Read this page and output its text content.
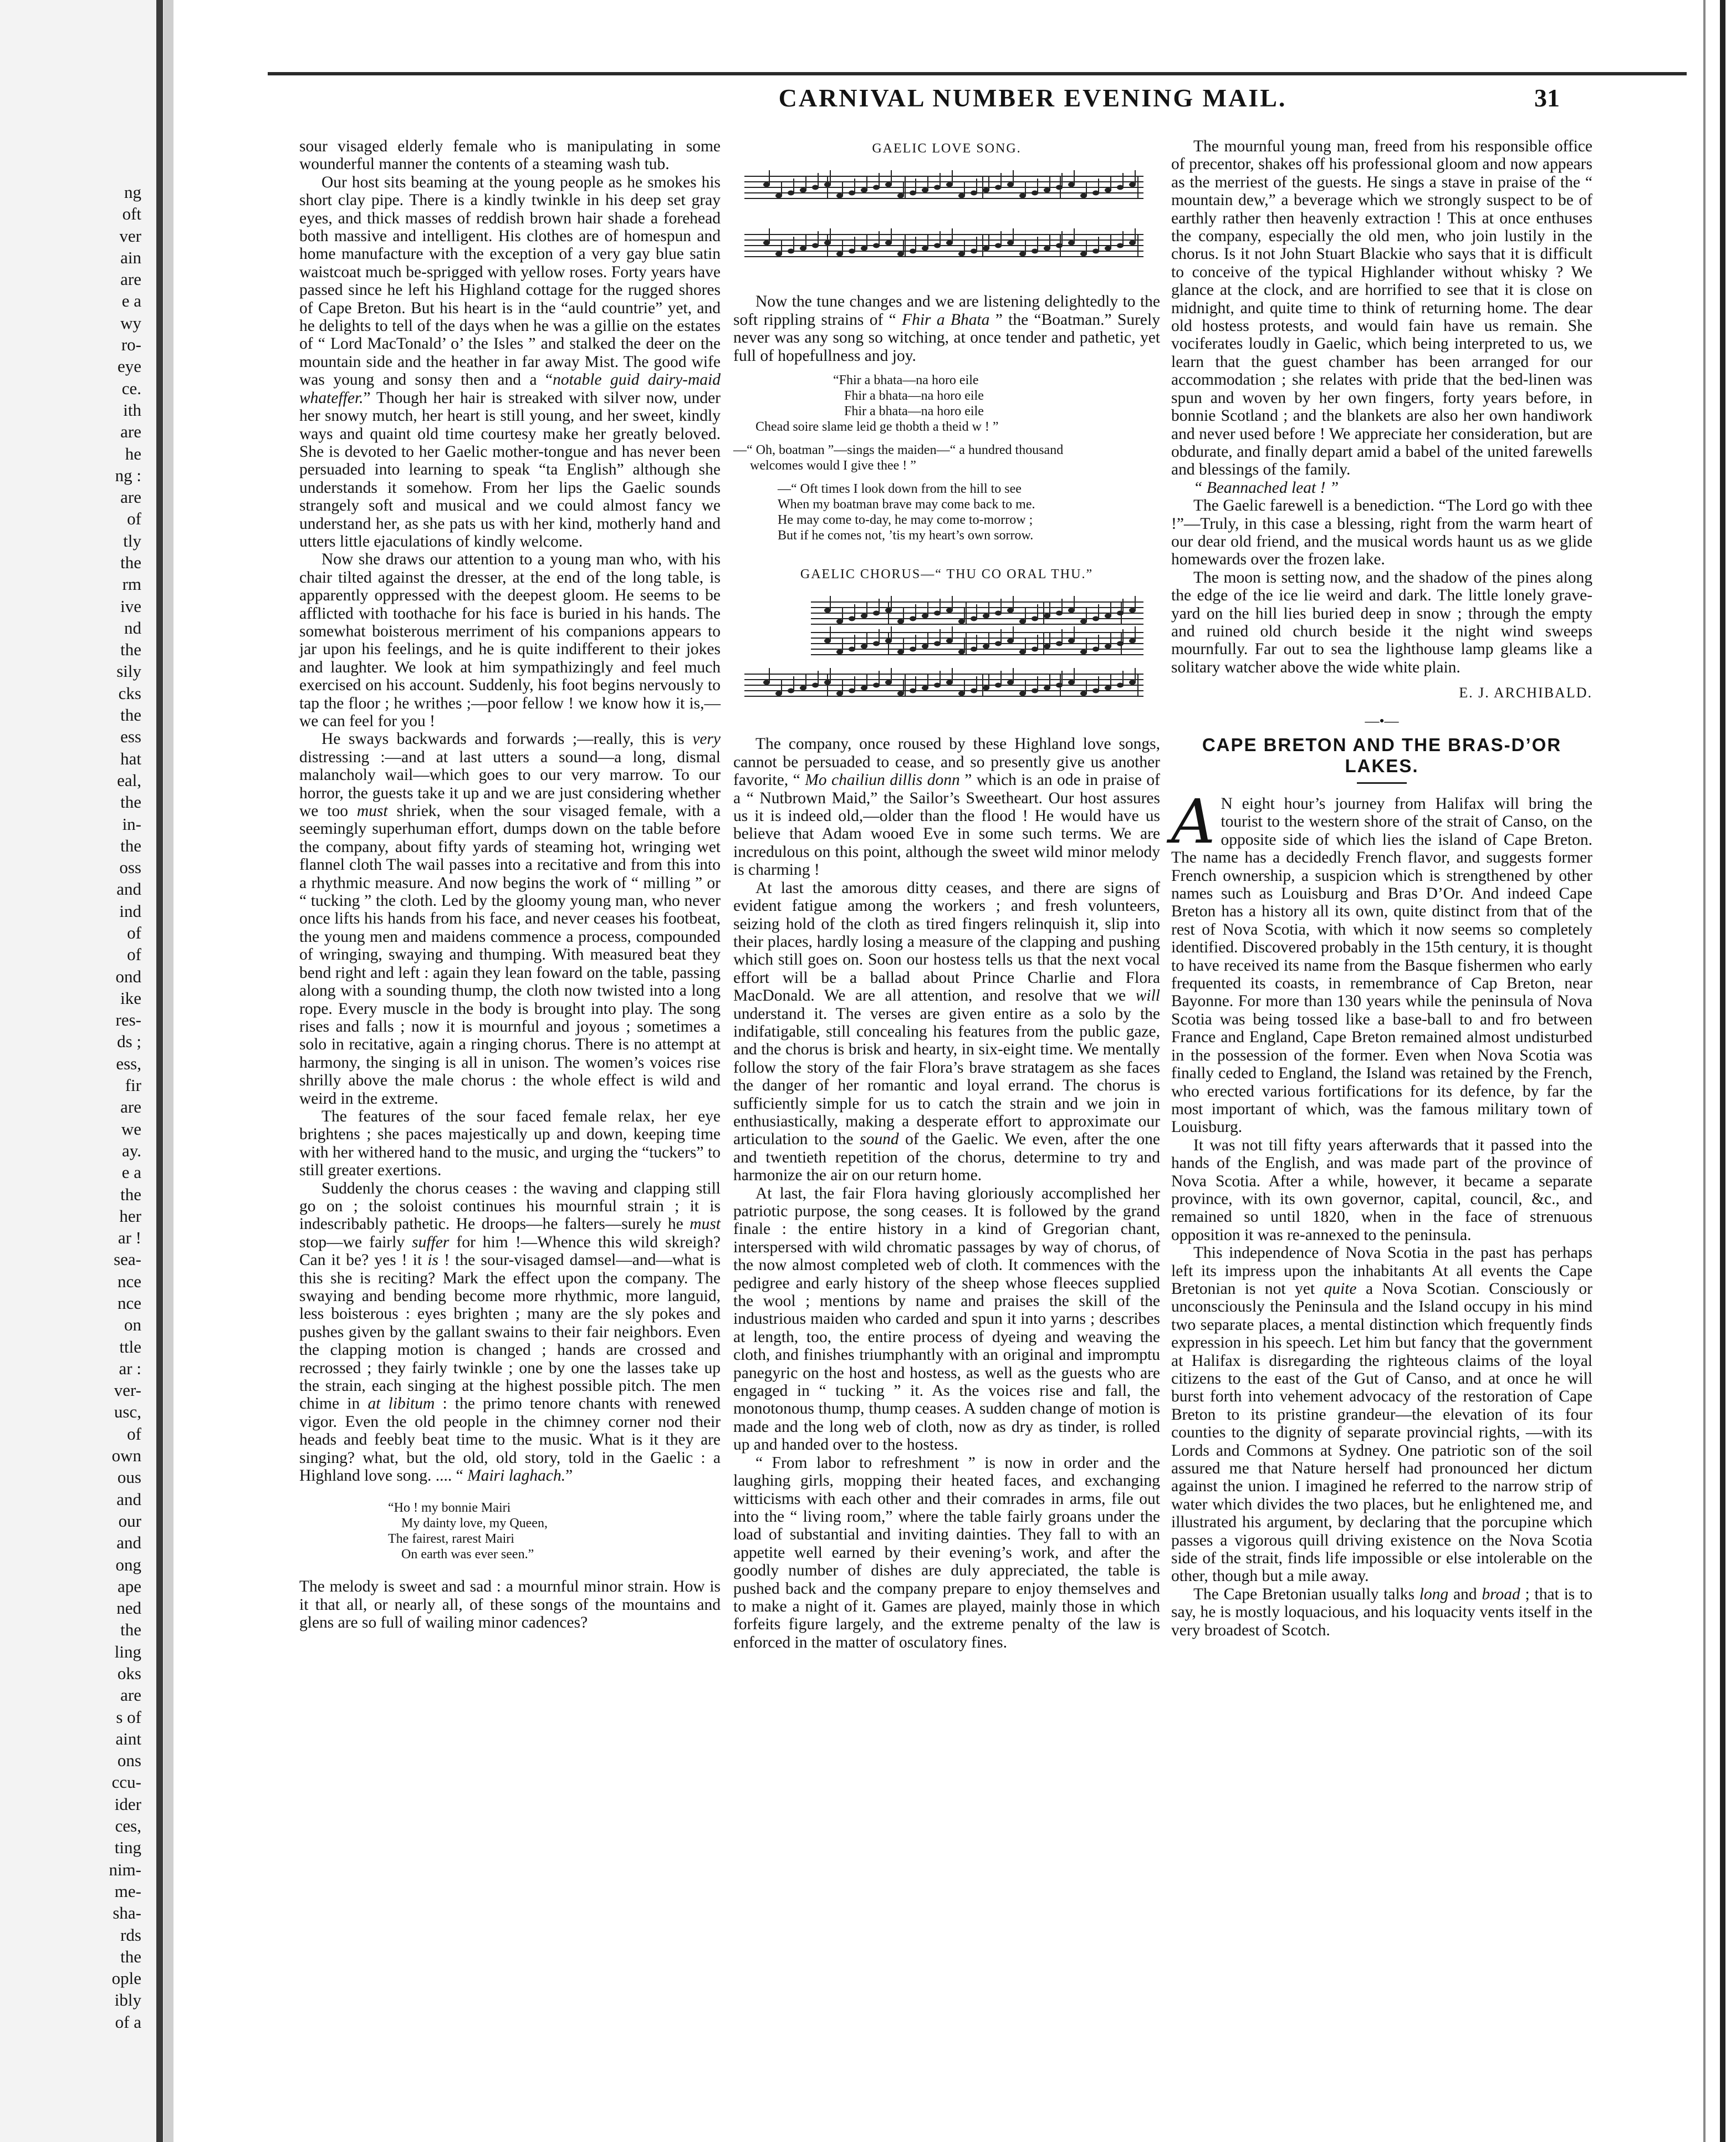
ng
oft
ver
ain
are
e a
wy
ro-
eye
ce.
ith
are
he
ng :
are
of
tly
the
rm
ive
nd
the
sily
cks
the
ess
hat
eal,
the
in-
the
oss
and
ind
of
of
ond
ike
res-
ds ;
ess,
fir
are
we
ay.
e a
the
her
ar !
sea-
nce
nce
on
ttle
ar :
ver-
usc,
of
own
ous
and
our
and
ong
ape
ned
the
ling
oks
are
s of
aint
ons
ccu-
ider
ces,
ting
nim-
me-
sha-
rds
the
ople
ibly
of a
CARNIVAL NUMBER EVENING MAIL.	31

sour visaged elderly female who is manipulating in some wounderful manner the contents of a steaming wash tub.

Our host sits beaming at the young people as he smokes his short clay pipe. There is a kindly twinkle in his deep set gray eyes, and thick masses of reddish brown hair shade a forehead both massive and intelligent. His clothes are of homespun and home manufacture with the exception of a very gay blue satin waistcoat much be-sprigged with yellow roses. Forty years have passed since he left his Highland cottage for the rugged shores of Cape Breton. But his heart is in the “auld countrie” yet, and he delights to tell of the days when he was a gillie on the estates of “ Lord MacTonald’ o’ the Isles ” and stalked the deer on the mountain side and the heather in far away Mist. The good wife was young and sonsy then and a “notable guid dairy-maid whateffer.” Though her hair is streaked with silver now, under her snowy mutch, her heart is still young, and her sweet, kindly ways and quaint old time courtesy make her greatly beloved. She is devoted to her Gaelic mother-tongue and has never been persuaded into learning to speak “ta English” although she understands it somehow. From her lips the Gaelic sounds strangely soft and musical and we could almost fancy we understand her, as she pats us with her kind, motherly hand and utters little ejaculations of kindly welcome.

Now she draws our attention to a young man who, with his chair tilted against the dresser, at the end of the long table, is apparently oppressed with the deepest gloom. He seems to be afflicted with toothache for his face is buried in his hands. The somewhat boisterous merriment of his companions appears to jar upon his feelings, and he is quite indifferent to their jokes and laughter. We look at him sympathizingly and feel much exercised on his account. Suddenly, his foot begins nervously to tap the floor ; he writhes ;—poor fellow ! we know how it is,—we can feel for you !

He sways backwards and forwards ;—really, this is very distressing :—and at last utters a sound—a long, dismal malancholy wail—which goes to our very marrow. To our horror, the guests take it up and we are just considering whether we too must shriek, when the sour visaged female, with a seemingly superhuman effort, dumps down on the table before the company, about fifty yards of steaming hot, wringing wet flannel cloth The wail passes into a recitative and from this into a rhythmic measure. And now begins the work of “ milling ” or “ tucking ” the cloth. Led by the gloomy young man, who never once lifts his hands from his face, and never ceases his footbeat, the young men and maidens commence a process, compounded of wringing, swaying and thumping. With measured beat they bend right and left : again they lean foward on the table, passing along with a sounding thump, the cloth now twisted into a long rope. Every muscle in the body is brought into play. The song rises and falls ; now it is mournful and joyous ; sometimes a solo in recitative, again a ringing chorus. There is no attempt at harmony, the singing is all in unison. The women’s voices rise shrilly above the male chorus : the whole effect is wild and weird in the extreme.

The features of the sour faced female relax, her eye brightens ; she paces majestically up and down, keeping time with her withered hand to the music, and urging the “tuckers” to still greater exertions.

Suddenly the chorus ceases : the waving and clapping still go on ; the soloist continues his mournful strain ; it is indescribably pathetic. He droops—he falters—surely he must stop—we fairly suffer for him !—Whence this wild skreigh? Can it be? yes ! it is ! the sour-visaged damsel—and—what is this she is reciting? Mark the effect upon the company. The swaying and bending become more rhythmic, more languid, less boisterous : eyes brighten ; many are the sly pokes and pushes given by the gallant swains to their fair neighbors. Even the clapping motion is changed ; hands are crossed and recrossed ; they fairly twinkle ; one by one the lasses take up the strain, each singing at the highest possible pitch. The men chime in at libitum : the primo tenore chants with renewed vigor. Even the old people in the chimney corner nod their heads and feebly beat time to the music. What is it they are singing? what, but the old, old story, told in the Gaelic : a Highland love song. .... “ Mairi laghach.”

“Ho ! my bonnie Mairi
My dainty love, my Queen,
The fairest, rarest Mairi
On earth was ever seen.”

The melody is sweet and sad : a mournful minor strain. How is it that all, or nearly all, of these songs of the mountains and glens are so full of wailing minor cadences?

GAELIC LOVE SONG.

Now the tune changes and we are listening delightedly to the soft rippling strains of “ Fhir a Bhata ” the “Boatman.” Surely never was any song so witching, at once tender and pathetic, yet full of hopefullness and joy.

“Fhir a bhata—na horo eile
Fhir a bhata—na horo eile
Fhir a bhata—na horo eile
Chead soire slame leid ge thobth a theid w ! ”
—“ Oh, boatman ”—sings the maiden—“ a hundred thousand
welcomes would I give thee ! ”
—“ Oft times I look down from the hill to see
When my boatman brave may come back to me.
He may come to-day, he may come to-morrow ;
But if he comes not, ’tis my heart’s own sorrow.
GAELIC CHORUS—“ THU CO ORAL THU.”

The company, once roused by these Highland love songs, cannot be persuaded to cease, and so presently give us another favorite, “ Mo chailiun dillis donn ” which is an ode in praise of a “ Nutbrown Maid,” the Sailor’s Sweetheart. Our host assures us it is indeed old,—older than the flood ! He would have us believe that Adam wooed Eve in some such terms. We are incredulous on this point, although the sweet wild minor melody is charming !

At last the amorous ditty ceases, and there are signs of evident fatigue among the workers ; and fresh volunteers, seizing hold of the cloth as tired fingers relinquish it, slip into their places, hardly losing a measure of the clapping and pushing which still goes on. Soon our hostess tells us that the next vocal effort will be a ballad about Prince Charlie and Flora MacDonald. We are all attention, and resolve that we will understand it. The verses are given entire as a solo by the indifatigable, still concealing his features from the public gaze, and the chorus is brisk and hearty, in six-eight time. We mentally follow the story of the fair Flora’s brave stratagem as she faces the danger of her romantic and loyal errand. The chorus is sufficiently simple for us to catch the strain and we join in enthusiastically, making a desperate effort to approximate our articulation to the sound of the Gaelic. We even, after the one and twentieth repetition of the chorus, determine to try and harmonize the air on our return home.

At last, the fair Flora having gloriously accomplished her patriotic purpose, the song ceases. It is followed by the grand finale : the entire history in a kind of Gregorian chant, interspersed with wild chromatic passages by way of chorus, of the now almost completed web of cloth. It commences with the pedigree and early history of the sheep whose fleeces supplied the wool ; mentions by name and praises the skill of the industrious maiden who carded and spun it into yarns ; describes at length, too, the entire process of dyeing and weaving the cloth, and finishes triumphantly with an original and impromptu panegyric on the host and hostess, as well as the guests who are engaged in “ tucking ” it. As the voices rise and fall, the monotonous thump, thump ceases. A sudden change of motion is made and the long web of cloth, now as dry as tinder, is rolled up and handed over to the hostess.

“ From labor to refreshment ” is now in order and the laughing girls, mopping their heated faces, and exchanging witticisms with each other and their comrades in arms, file out into the “ living room,” where the table fairly groans under the load of substantial and inviting dainties. They fall to with an appetite well earned by their evening’s work, and after the goodly number of dishes are duly appreciated, the table is pushed back and the company prepare to enjoy themselves and to make a night of it. Games are played, mainly those in which forfeits figure largely, and the extreme penalty of the law is enforced in the matter of osculatory fines.

The mournful young man, freed from his responsible office of precentor, shakes off his professional gloom and now appears as the merriest of the guests. He sings a stave in praise of the “ mountain dew,” a beverage which we strongly suspect to be of earthly rather then heavenly extraction ! This at once enthuses the company, especially the old men, who join lustily in the chorus. Is it not John Stuart Blackie who says that it is difficult to conceive of the typical Highlander without whisky ? We glance at the clock, and are horrified to see that it is close on midnight, and quite time to think of returning home. The dear old hostess protests, and would fain have us remain. She vociferates loudly in Gaelic, which being interpreted to us, we learn that the guest chamber has been arranged for our accommodation ; she relates with pride that the bed-linen was spun and woven by her own fingers, forty years before, in bonnie Scotland ; and the blankets are also her own handiwork and never used before ! We appreciate her consideration, but are obdurate, and finally depart amid a babel of the united farewells and blessings of the family.

“ Beannached leat ! ”

The Gaelic farewell is a benediction. “The Lord go with thee !”—Truly, in this case a blessing, right from the warm heart of our dear old friend, and the musical words haunt us as we glide homewards over the frozen lake.

The moon is setting now, and the shadow of the pines along the edge of the ice lie weird and dark. The little lonely grave-yard on the hill lies buried deep in snow ; through the empty and ruined old church beside it the night wind sweeps mournfully. Far out to sea the lighthouse lamp gleams like a solitary watcher above the wide white plain.

E. J. ARCHIBALD.
—•—
CAPE BRETON AND THE BRAS-D’OR LAKES.
A N eight hour’s journey from Halifax will bring the tourist to the western shore of the strait of Canso, on the opposite side of which lies the island of Cape Breton. The name has a decidedly French flavor, and suggests former French ownership, a suspicion which is strengthened by other names such as Louisburg and Bras D’Or. And indeed Cape Breton has a history all its own, quite distinct from that of the rest of Nova Scotia, with which it now seems so completely identified. Discovered probably in the 15th century, it is thought to have received its name from the Basque fishermen who early frequented its coasts, in remembrance of Cap Breton, near Bayonne. For more than 130 years while the peninsula of Nova Scotia was being tossed like a base-ball to and fro between France and England, Cape Breton remained almost undisturbed in the possession of the former. Even when Nova Scotia was finally ceded to England, the Island was retained by the French, who erected various fortifications for its defence, by far the most important of which, was the famous military town of Louisburg.

It was not till fifty years afterwards that it passed into the hands of the English, and was made part of the province of Nova Scotia. After a while, however, it became a separate province, with its own governor, capital, council, &c., and remained so until 1820, when in the face of strenuous opposition it was re-annexed to the peninsula.

This independence of Nova Scotia in the past has perhaps left its impress upon the inhabitants At all events the Cape Bretonian is not yet quite a Nova Scotian. Consciously or unconsciously the Peninsula and the Island occupy in his mind two separate places, a mental distinction which frequently finds expression in his speech. Let him but fancy that the government at Halifax is disregarding the righteous claims of the loyal citizens to the east of the Gut of Canso, and at once he will burst forth into vehement advocacy of the restoration of Cape Breton to its pristine grandeur—the elevation of its four counties to the dignity of separate provincial rights, —with its Lords and Commons at Sydney. One patriotic son of the soil assured me that Nature herself had pronounced her dictum against the union. I imagined he referred to the narrow strip of water which divides the two places, but he enlightened me, and illustrated his argument, by declaring that the porcupine which passes a vigorous quill driving existence on the Nova Scotia side of the strait, finds life impossible or else intolerable on the other, though but a mile away.

The Cape Bretonian usually talks long and broad ; that is to say, he is mostly loquacious, and his loquacity vents itself in the very broadest of Scotch.
